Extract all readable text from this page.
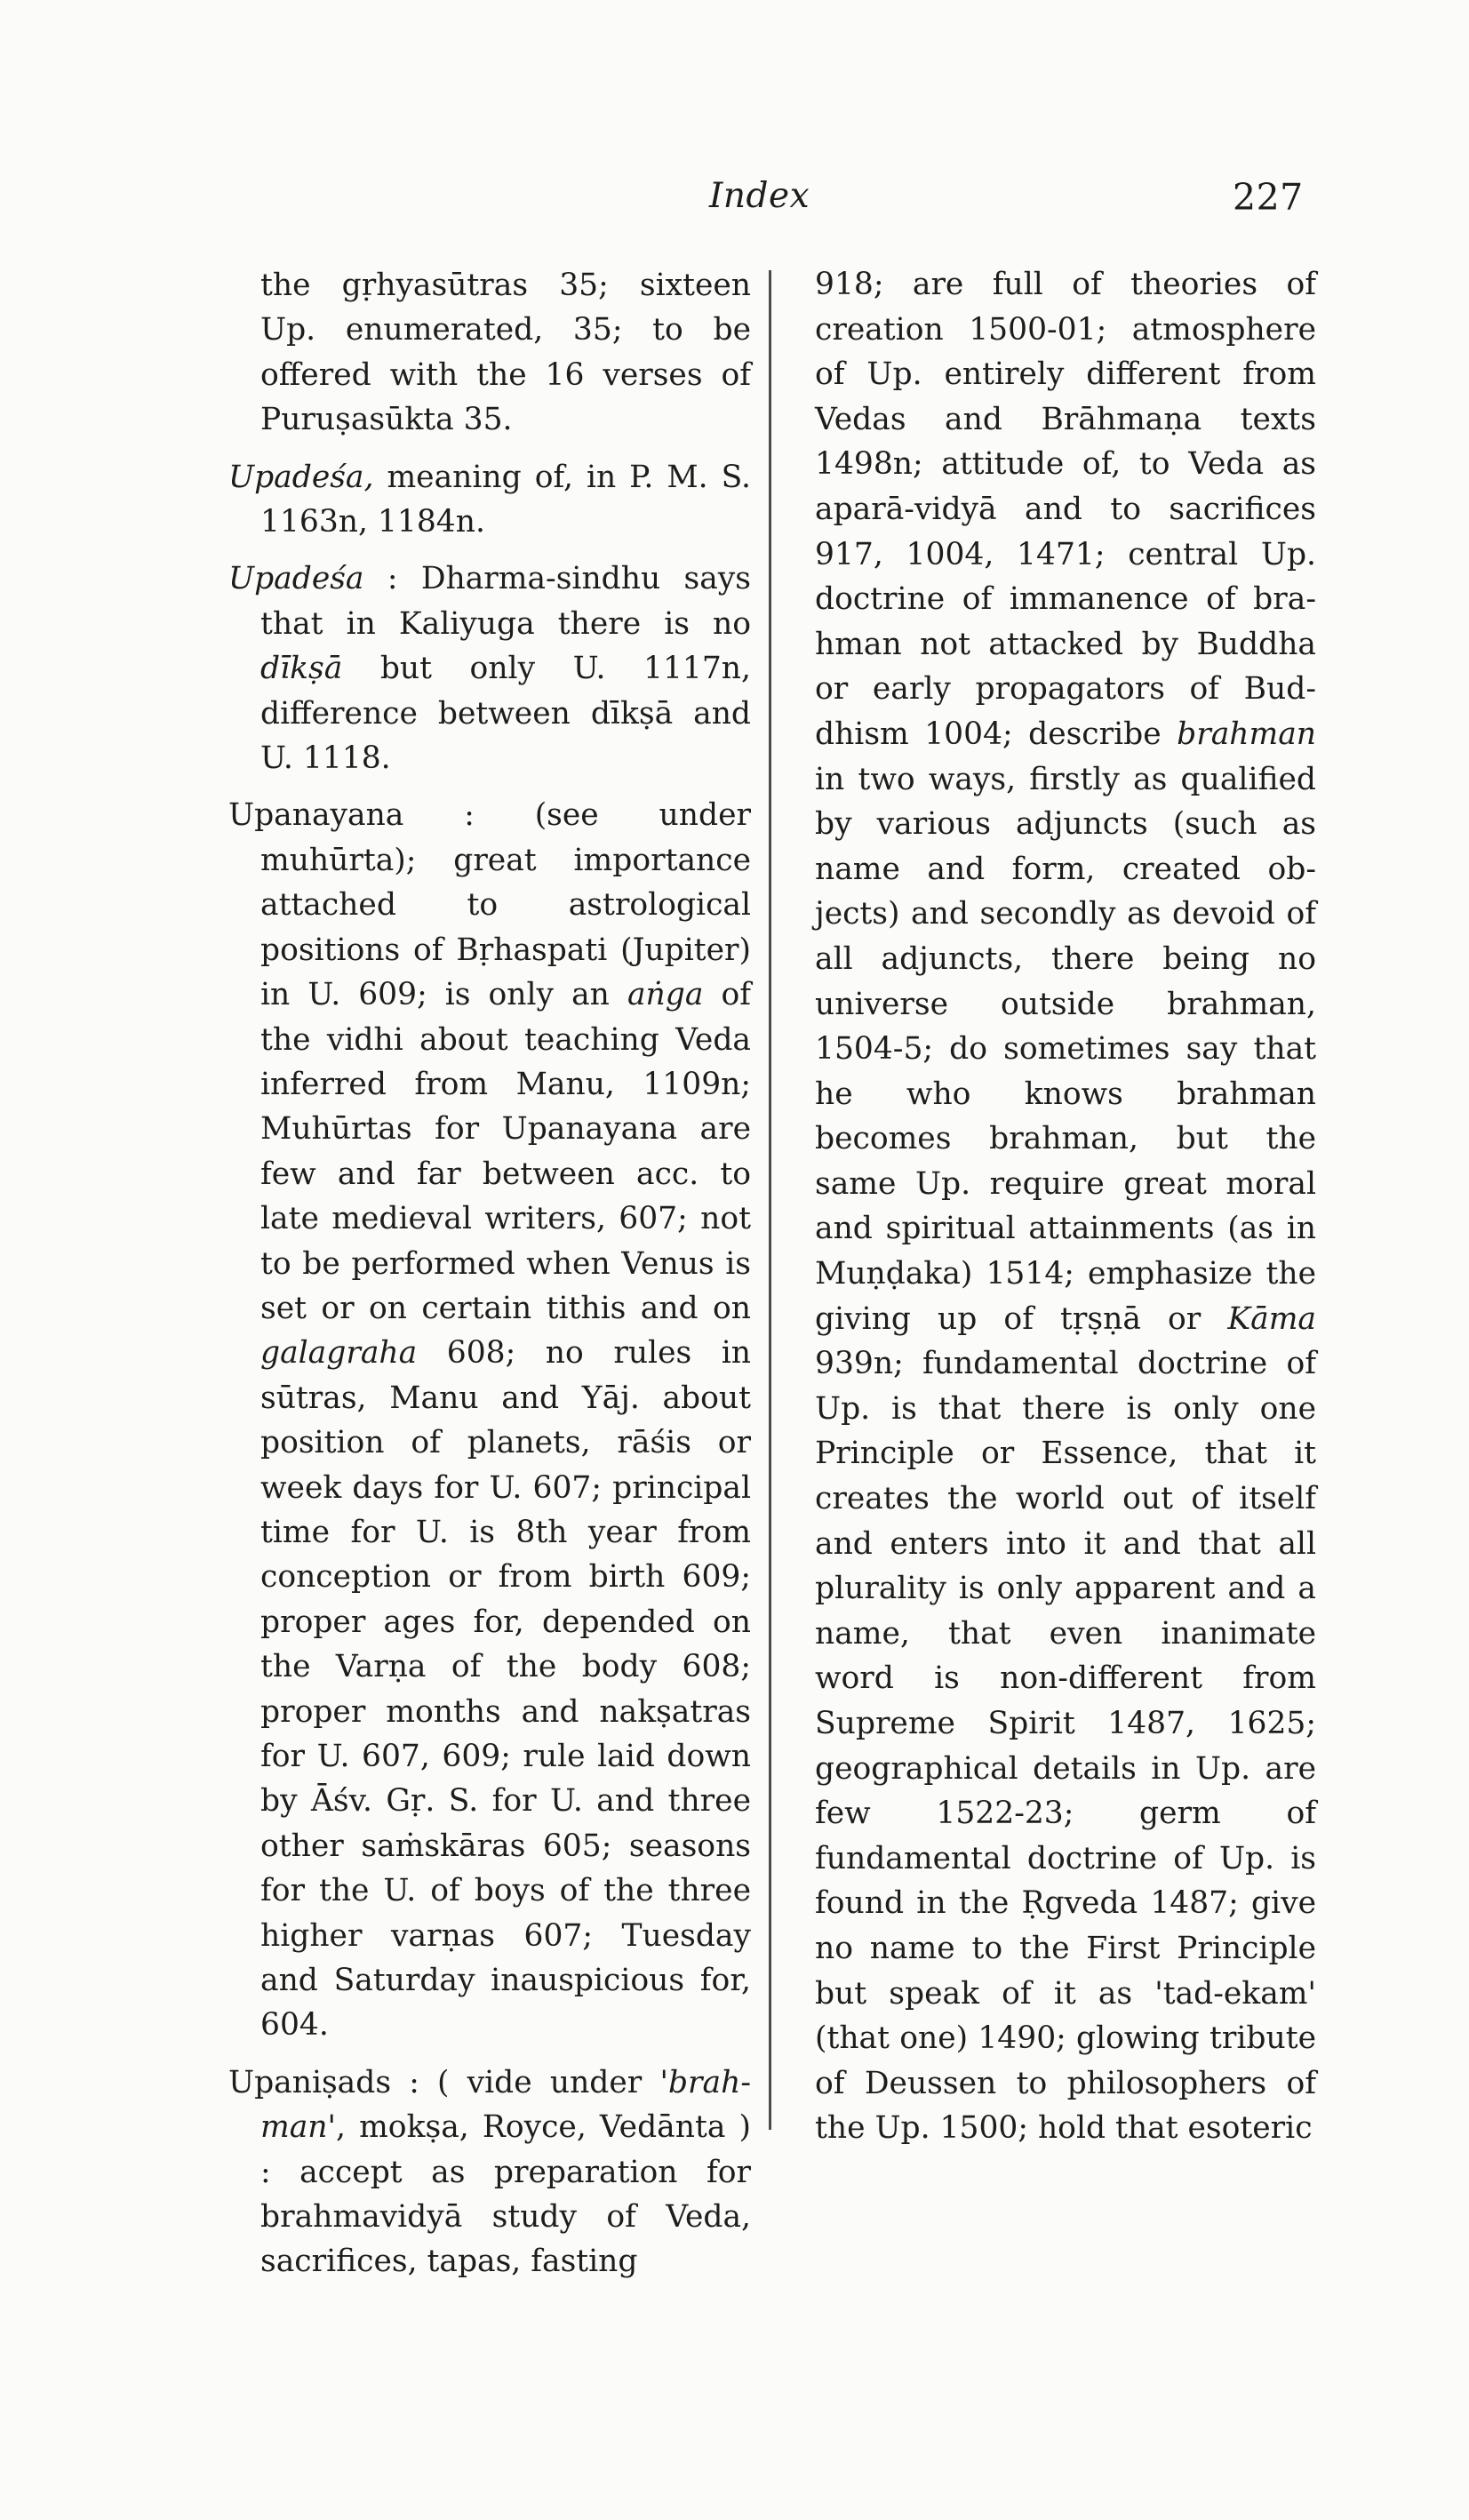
Index	227

the gṛhyasūtras 35; sixteen Up. enumerated, 35; to be offered with the 16 verses of Puruṣasūkta 35.

Upadeśa, meaning of, in P. M. S. 1163n, 1184n.

Upadeśa : Dharma-sindhu says that in Kaliyuga there is no dīkṣā but only U. 1117n, difference between dīkṣā and U. 1118.

Upanayana : (see under muhūrta); great importance attached to astrological positions of Bṛhaspati (Jupiter) in U. 609; is only an aṅga of the vidhi about teaching Veda inferred from Manu, 1109n; Muhūrtas for Upanayana are few and far between acc. to late medieval writers, 607; not to be performed when Venus is set or on certain tithis and on galagraha 608; no rules in sūtras, Manu and Yāj. about position of planets, rāśis or week days for U. 607; principal time for U. is 8th year from conception or from birth 609; proper ages for, depended on the Varṇa of the body 608; proper months and nakṣatras for U. 607, 609; rule laid down by Āśv. Gṛ. S. for U. and three other saṁskāras 605; seasons for the U. of boys of the three higher varṇas 607; Tuesday and Saturday inauspicious for, 604.

Upaniṣads : ( vide under 'brahman', mokṣa, Royce, Vedānta ) : accept as preparation for brahmavidyā study of Veda, sacrifices, tapas, fasting

918; are full of theories of creation 1500-01; atmosphere of Up. entirely different from Vedas and Brāhmaṇa texts 1498n; attitude of, to Veda as aparā-vidyā and to sacrifices 917, 1004, 1471; central Up. doctrine of immanence of brahman not attacked by Buddha or early propagators of Buddhism 1004; describe brahman in two ways, firstly as qualified by various adjuncts (such as name and form, created objects) and secondly as devoid of all adjuncts, there being no universe outside brahman, 1504-5; do sometimes say that he who knows brahman becomes brahman, but the same Up. require great moral and spiritual attainments (as in Muṇḍaka) 1514; emphasize the giving up of tṛṣṇā or Kāma 939n; fundamental doctrine of Up. is that there is only one Principle or Essence, that it creates the world out of itself and enters into it and that all plurality is only apparent and a name, that even inanimate word is non-different from Supreme Spirit 1487, 1625; geographical details in Up. are few 1522-23; germ of fundamental doctrine of Up. is found in the Ṛgveda 1487; give no name to the First Principle but speak of it as 'tad-ekam' (that one) 1490; glowing tribute of Deussen to philosophers of the Up. 1500; hold that esoteric
